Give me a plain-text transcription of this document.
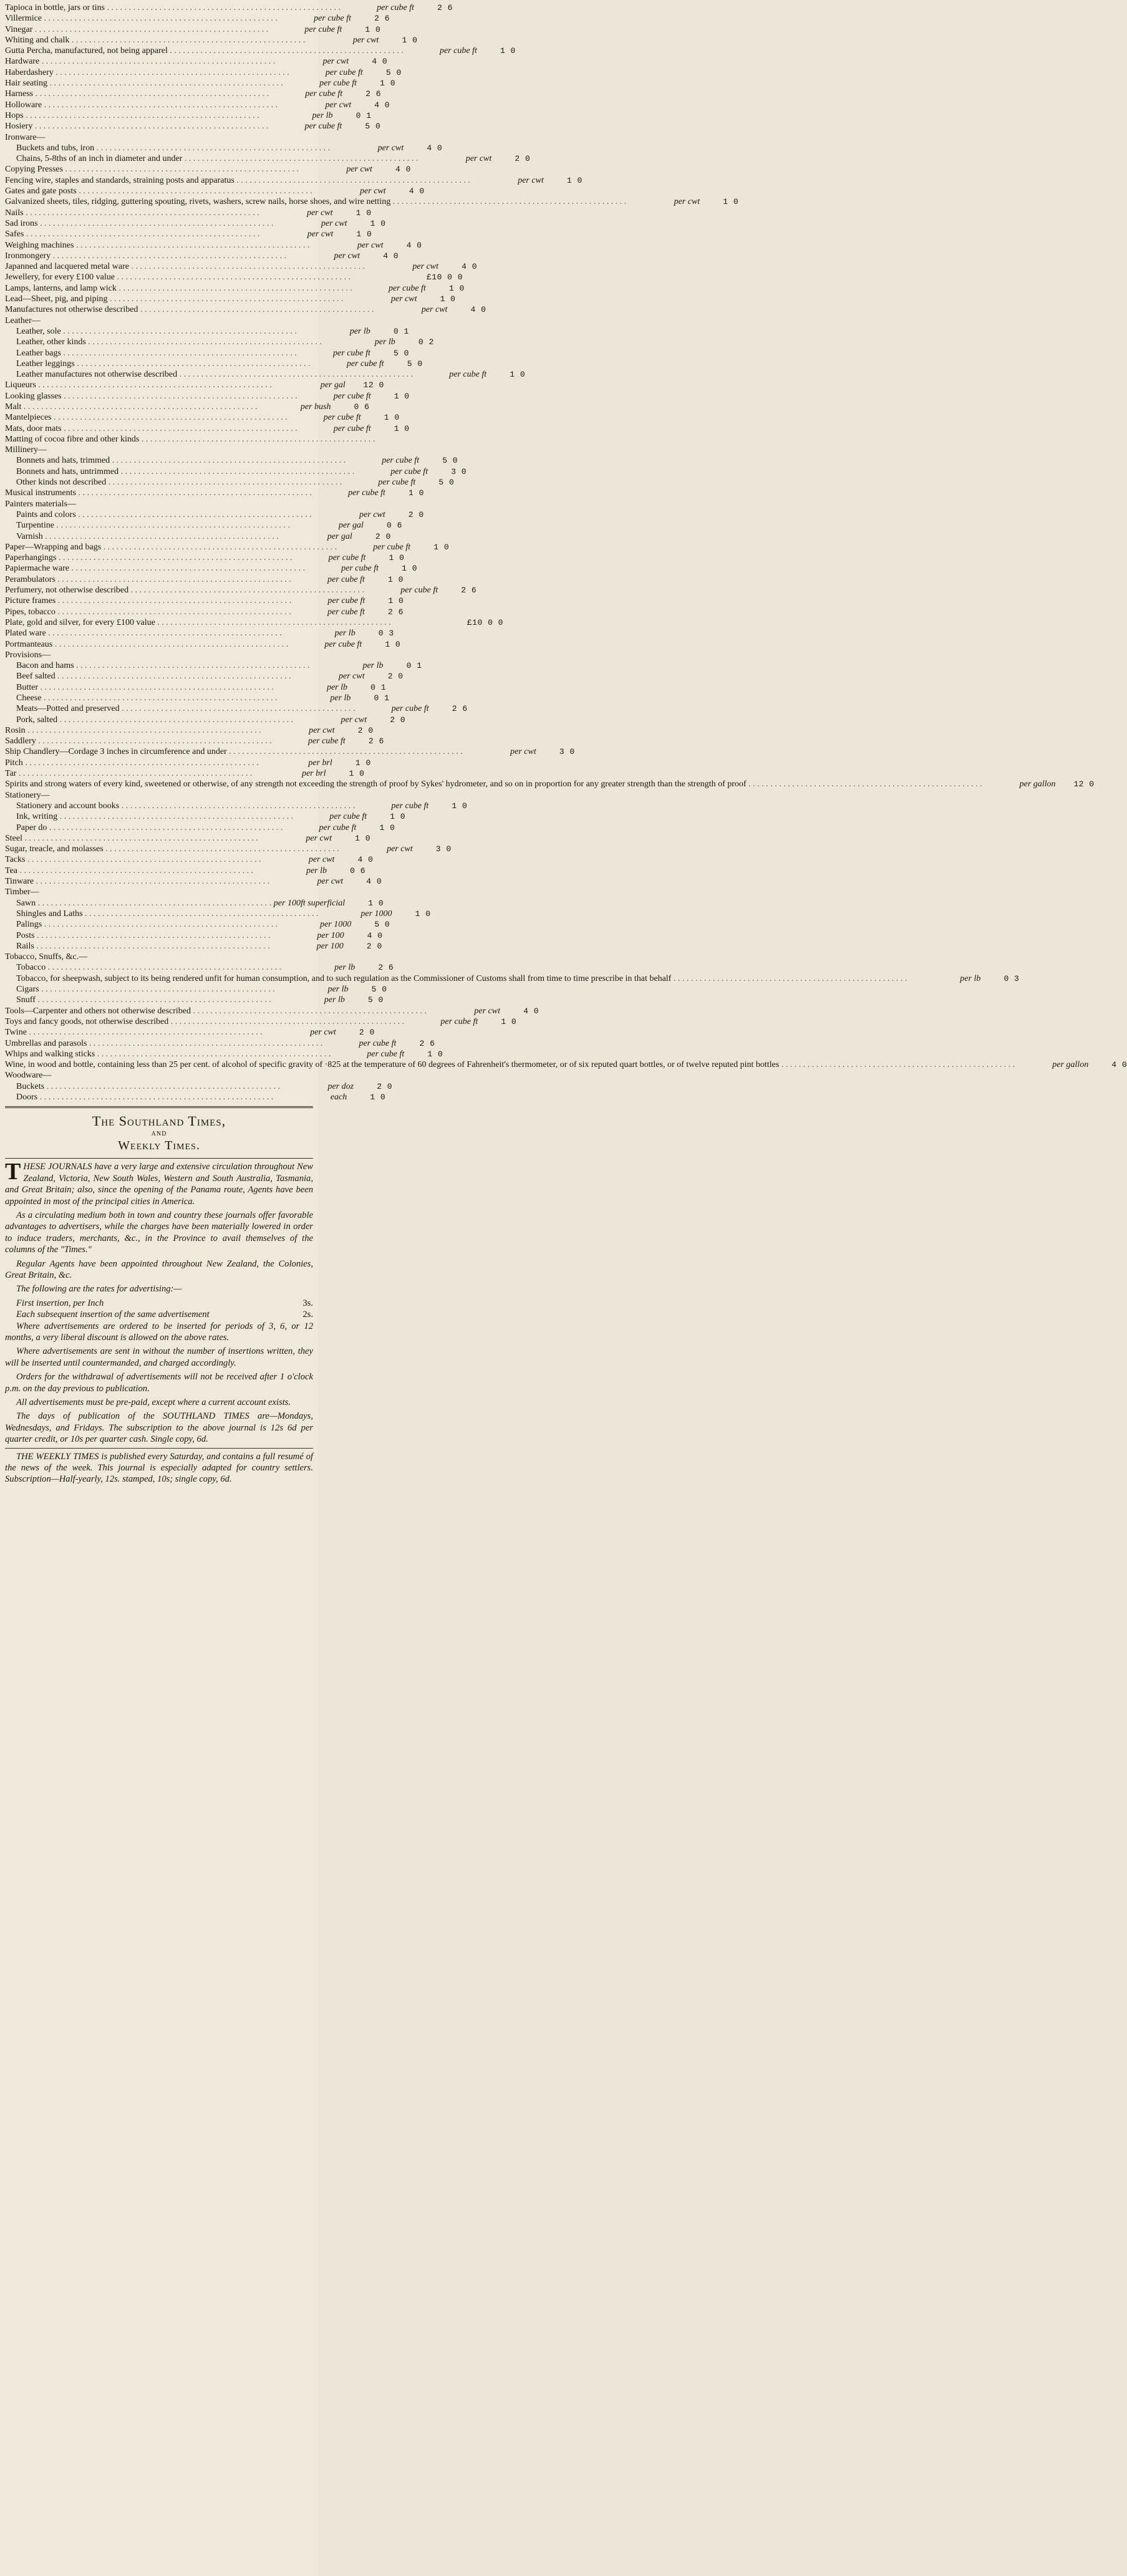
Tapioca in bottle, jars or tins . . .	per cube ft	2 6
Villermice . . .	per cube ft	2 6
Vinegar . . .	per cube ft	1 0
Whiting and chalk . . .	per cwt	1 0
Gutta Percha, manufactured, not being apparel . . .	per cube ft	1 0
Hardware . . .	per cwt	4 0
Haberdashery . . .	per cube ft	5 0
Hair seating . . .	per cube ft	1 0
Harness . . .	per cube ft	2 6
Holloware . . .	per cwt	4 0
Hops . . .	per lb	0 1
Hosiery . . .	per cube ft	5 0
Ironware—
Buckets and tubs, iron . . .	per cwt	4 0
Chains, 5-8ths of an inch in diameter and under . . .	per cwt	2 0
Copying Presses . . .	per cwt	4 0
Fencing wire, staples and standards, straining posts and apparatus . . .	per cwt	1 0
Gates and gate posts . . .	per cwt	4 0
Galvanized sheets, tiles, ridging, guttering spouting, rivets, washers, screw nails, horse shoes, and wire netting . . .	per cwt	1 0
Nails . . .	per cwt	1 0
Sad irons . . .	per cwt	1 0
Safes . . .	per cwt	1 0
Weighing machines . . .	per cwt	4 0
Ironmongery . . .	per cwt	4 0
Japanned and lacquered metal ware . . .	per cwt	4 0
Jewellery, for every £100 value . . .	£10 0 0
Lamps, lanterns, and lamp wick . . .	per cube ft	1 0
Lead—Sheet, pig, and piping . . .	per cwt	1 0
Manufactures not otherwise described . . .	per cwt	4 0
Leather—
Leather, sole . . .	per lb	0 1
Leather, other kinds . . .	per lb	0 2
Leather bags . . .	per cube ft	5 0
Leather leggings . . .	per cube ft	5 0
Leather manufactures not otherwise described . . .	per cube ft	1 0
Liqueurs . . .	per gal	12 0
Looking glasses . . .	per cube ft	1 0
Malt . . .	per bush	0 6
Mantelpieces . . .	per cube ft	1 0
Mats, door mats . . .	per cube ft	1 0
Matting of cocoa fibre and other kinds . . .
Millinery—
Bonnets and hats, trimmed . . .	per cube ft	5 0
Bonnets and hats, untrimmed . . .	per cube ft	3 0
Other kinds not described . . .	per cube ft	5 0
Musical instruments . . .	per cube ft	1 0
Painters materials—
Paints and colors . . .	per cwt	2 0
Turpentine . . .	per gal	0 6
Varnish . . .	per gal	2 0
Paper—Wrapping and bags . . .	per cube ft	1 0
Paperhangings . . .	per cube ft	1 0
Papiermache ware . . .	per cube ft	1 0
Perambulators . . .	per cube ft	1 0
Perfumery, not otherwise described . . .	per cube ft	2 6
Picture frames . . .	per cube ft	1 0
Pipes, tobacco . . .	per cube ft	2 6
Plate, gold and silver, for every £100 value . . .	£10 0 0
Plated ware . . .	per lb	0 3
Portmanteaus . . .	per cube ft	1 0
Provisions—
Bacon and hams . . .	per lb	0 1
Beef salted . . .	per cwt	2 0
Butter . . .	per lb	0 1
Cheese . . .	per lb	0 1
Meats—Potted and preserved . . .	per cube ft	2 6
Pork, salted . . .	per cwt	2 0
Rosin . . .	per cwt	2 0
Saddlery . . .	per cube ft	2 6
Ship Chandlery—Cordage 3 inches in circumference and under . . .	per cwt	3 0
Pitch . . .	per brl	1 0
Tar . . .	per brl	1 0
Spirits and strong waters of every kind, sweetened or otherwise, of any strength not exceeding the strength of proof by Sykes' hydrometer, and so on in proportion for any greater strength than the strength of proof . . .	per gallon	12 0
Stationery—
Stationery and account books . . .	per cube ft	1 0
Ink, writing . . .	per cube ft	1 0
Paper do . . .	per cube ft	1 0
Steel . . .	per cwt	1 0
Sugar, treacle, and molasses . . .	per cwt	3 0
Tacks . . .	per cwt	4 0
Tea . . .	per lb	0 6
Tinware . . .	per cwt	4 0
Timber—
Sawn . . .	per 100ft superficial	1 0
Shingles and Laths . . .	per 1000	1 0
Palings . . .	per 1000	5 0
Posts . . .	per 100	4 0
Rails . . .	per 100	2 0
Tobacco, Snuffs, &c.—
Tobacco . . .	per lb	2 6
Tobacco, for sheepwash, subject to its being rendered unfit for human consumption, and to such regulation as the Commissioner of Customs shall from time to time prescribe in that behalf . . .	per lb	0 3
Cigars . . .	per lb	5 0
Snuff . . .	per lb	5 0
Tools—Carpenter and others not otherwise described . . .	per cwt	4 0
Toys and fancy goods, not otherwise described . . .	per cube ft	1 0
Twine . . .	per cwt	2 0
Umbrellas and parasols . . .	per cube ft	2 6
Whips and walking sticks . . .	per cube ft	1 0
Wine, in wood and bottle, containing less than 25 per cent. of alcohol of specific gravity of ·825 at the temperature of 60 degrees of Fahrenheit's thermometer, or of six reputed quart bottles, or of twelve reputed pint bottles . . .	per gallon	4 0
Woodware—
Buckets . . .	per doz	2 0
Doors . . .	each	1 0
The Southland Times,
AND
Weekly Times.

THESE JOURNALS have a very large and extensive circulation throughout New Zealand, Victoria, New South Wales, Western and South Australia, Tasmania, and Great Britain; also, since the opening of the Panama route, Agents have been appointed in most of the principal cities in America.

As a circulating medium both in town and country these journals offer favorable advantages to advertisers, while the charges have been materially lowered in order to induce traders, merchants, &c., in the Province to avail themselves of the columns of the "Times."

Regular Agents have been appointed throughout New Zealand, the Colonies, Great Britain, &c.

The following are the rates for advertising:—

First insertion, per Inch	3s.
Each subsequent insertion of the same advertisement	2s.

Where advertisements are ordered to be inserted for periods of 3, 6, or 12 months, a very liberal discount is allowed on the above rates.

Where advertisements are sent in without the number of insertions written, they will be inserted until countermanded, and charged accordingly.

Orders for the withdrawal of advertisements will not be received after 1 o'clock p.m. on the day previous to publication.

All advertisements must be pre-paid, except where a current account exists.

The days of publication of the SOUTHLAND TIMES are—Mondays, Wednesdays, and Fridays. The subscription to the above journal is 12s 6d per quarter credit, or 10s per quarter cash. Single copy, 6d.

THE WEEKLY TIMES is published every Saturday, and contains a full resumé of the news of the week. This journal is especially adapted for country settlers. Subscription—Half-yearly, 12s. stamped, 10s; single copy, 6d.
